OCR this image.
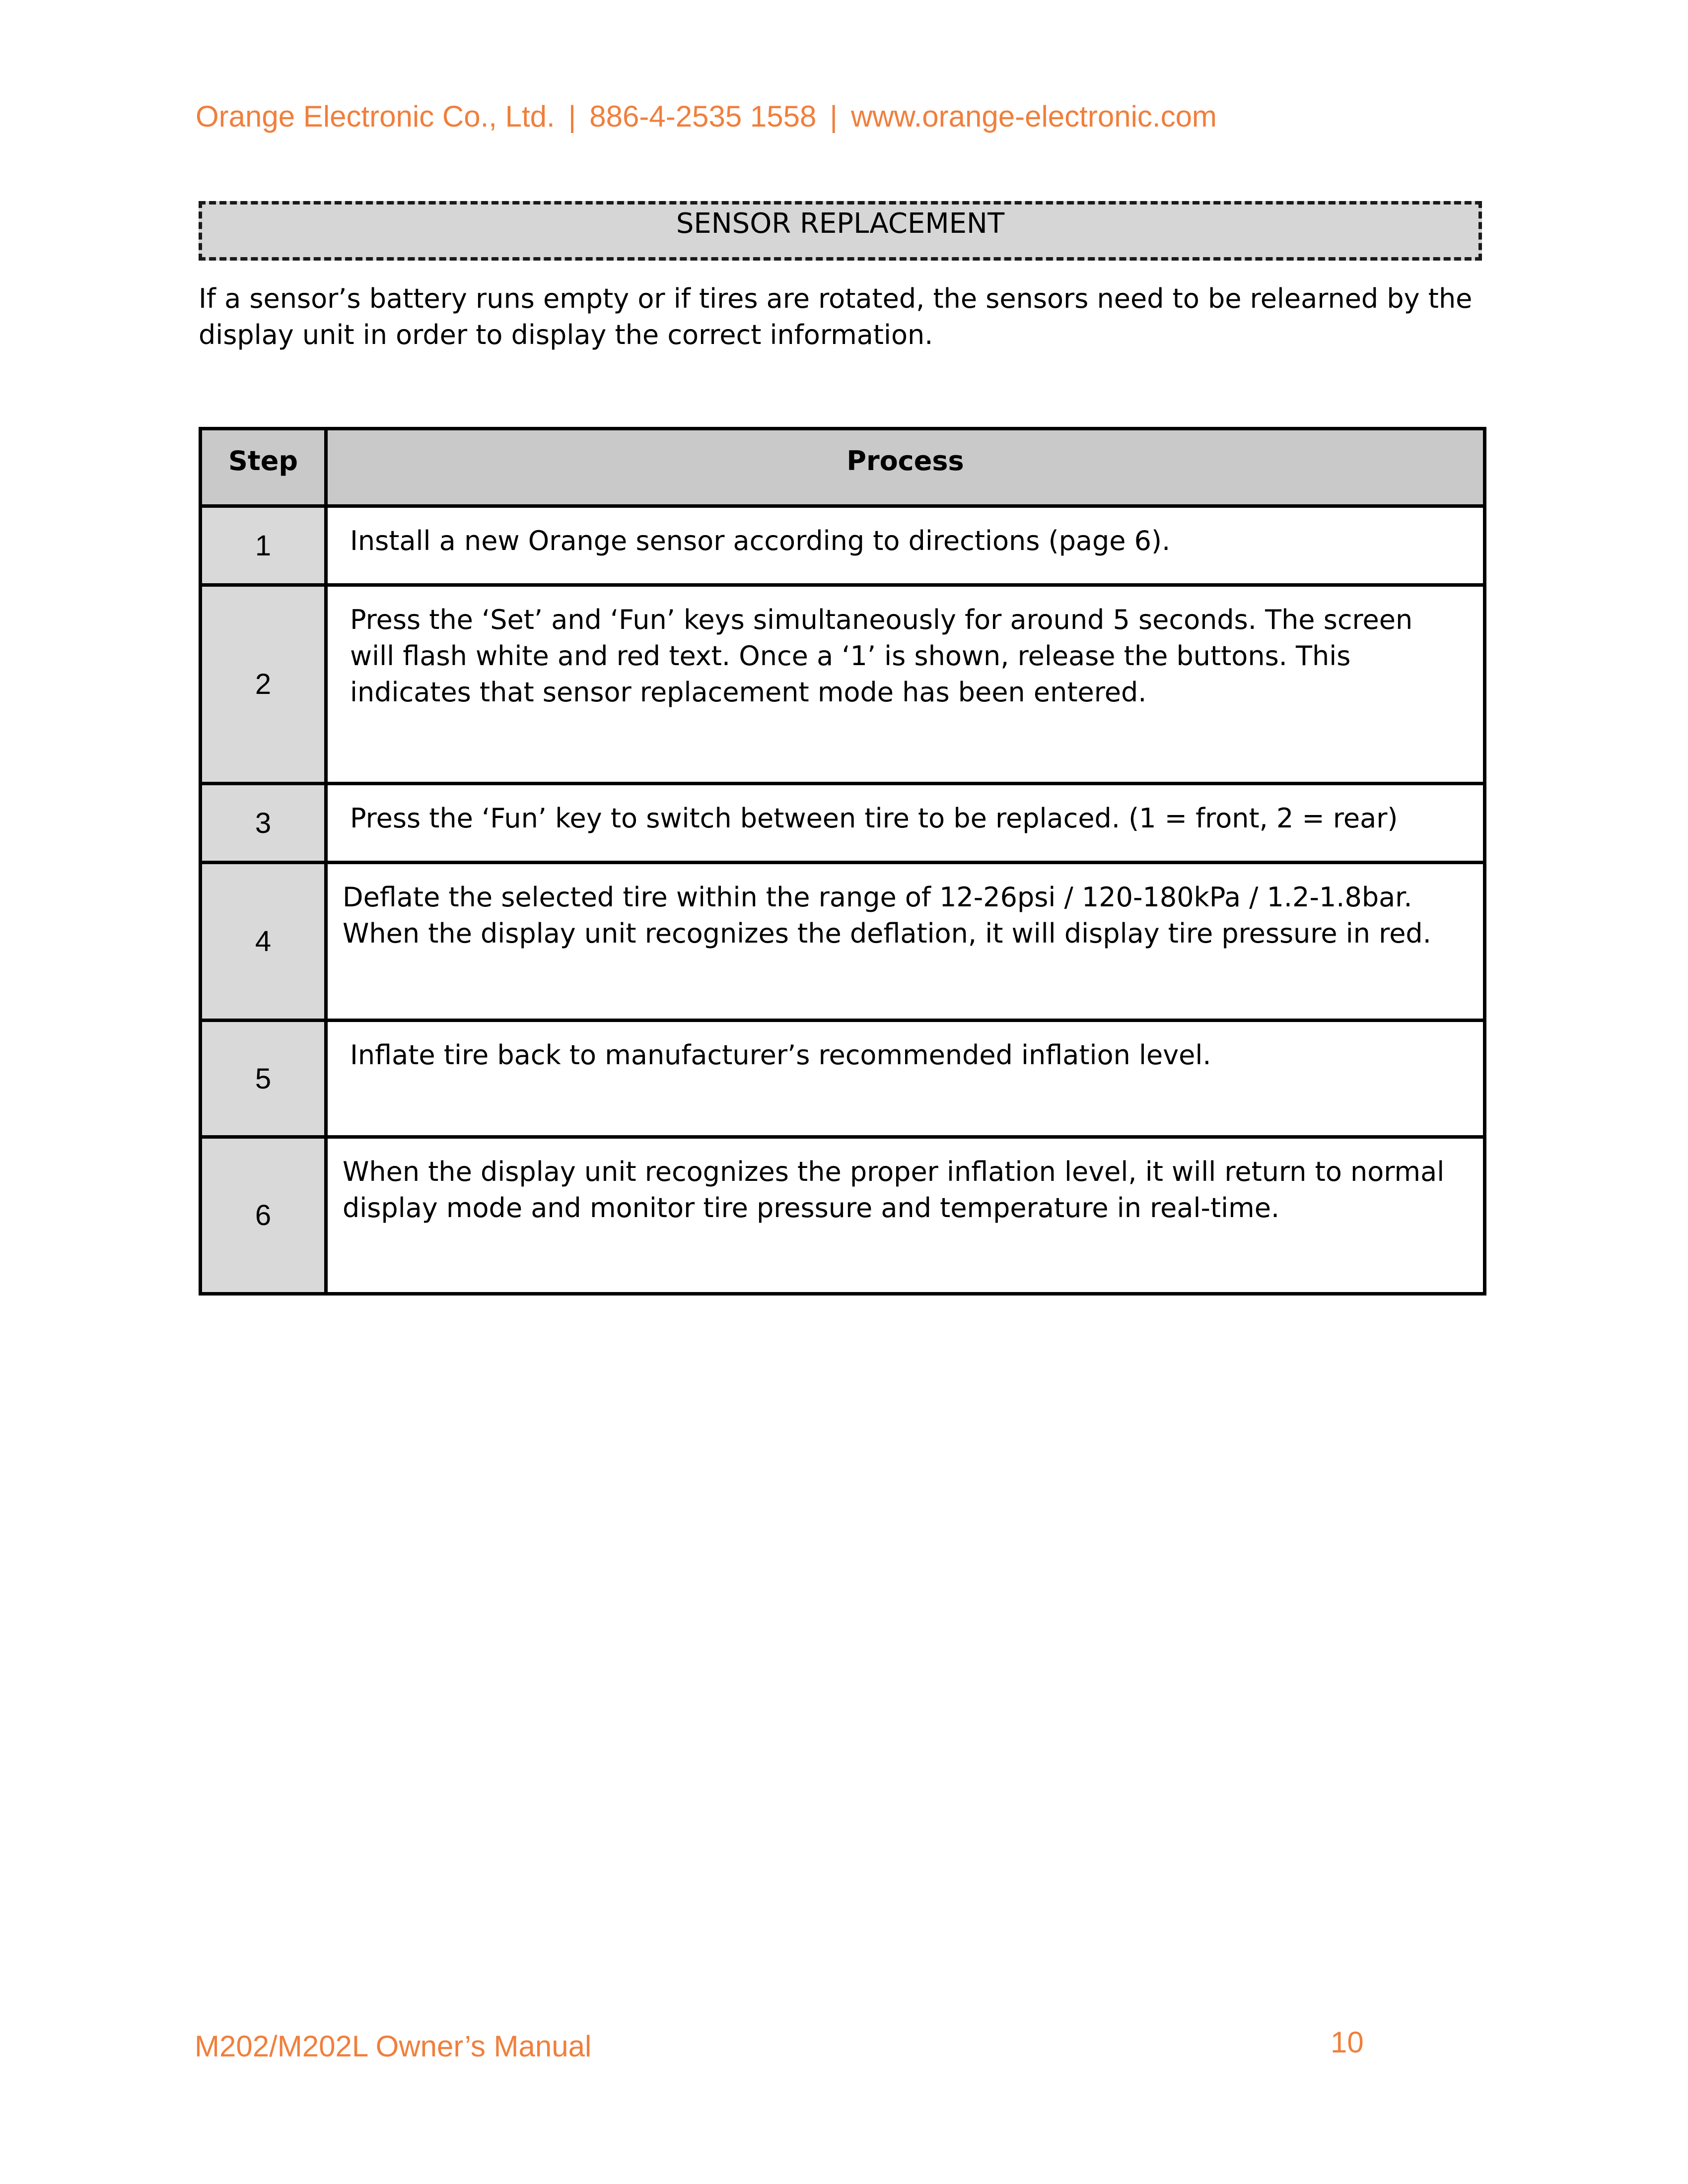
Orange Electronic Co., Ltd. | 886-4-2535 1558 | www.orange-electronic.com
SENSOR REPLACEMENT
If a sensor’s battery runs empty or if tires are rotated, the sensors need to be relearned by the display unit in order to display the correct information.
Step	Process
1	Install a new Orange sensor according to directions (page 6).
2	Press the ‘Set’ and ‘Fun’ keys simultaneously for around 5 seconds. The screen will flash white and red text. Once a ‘1’ is shown, release the buttons. This indicates that sensor replacement mode has been entered.
3	Press the ‘Fun’ key to switch between tire to be replaced. (1 = front, 2 = rear)
4	Deflate the selected tire within the range of 12-26psi / 120-180kPa / 1.2-1.8bar. When the display unit recognizes the deflation, it will display tire pressure in red.
5	Inflate tire back to manufacturer’s recommended inflation level.
6	When the display unit recognizes the proper inflation level, it will return to normal display mode and monitor tire pressure and temperature in real-time.
M202/M202L Owner’s Manual	10
